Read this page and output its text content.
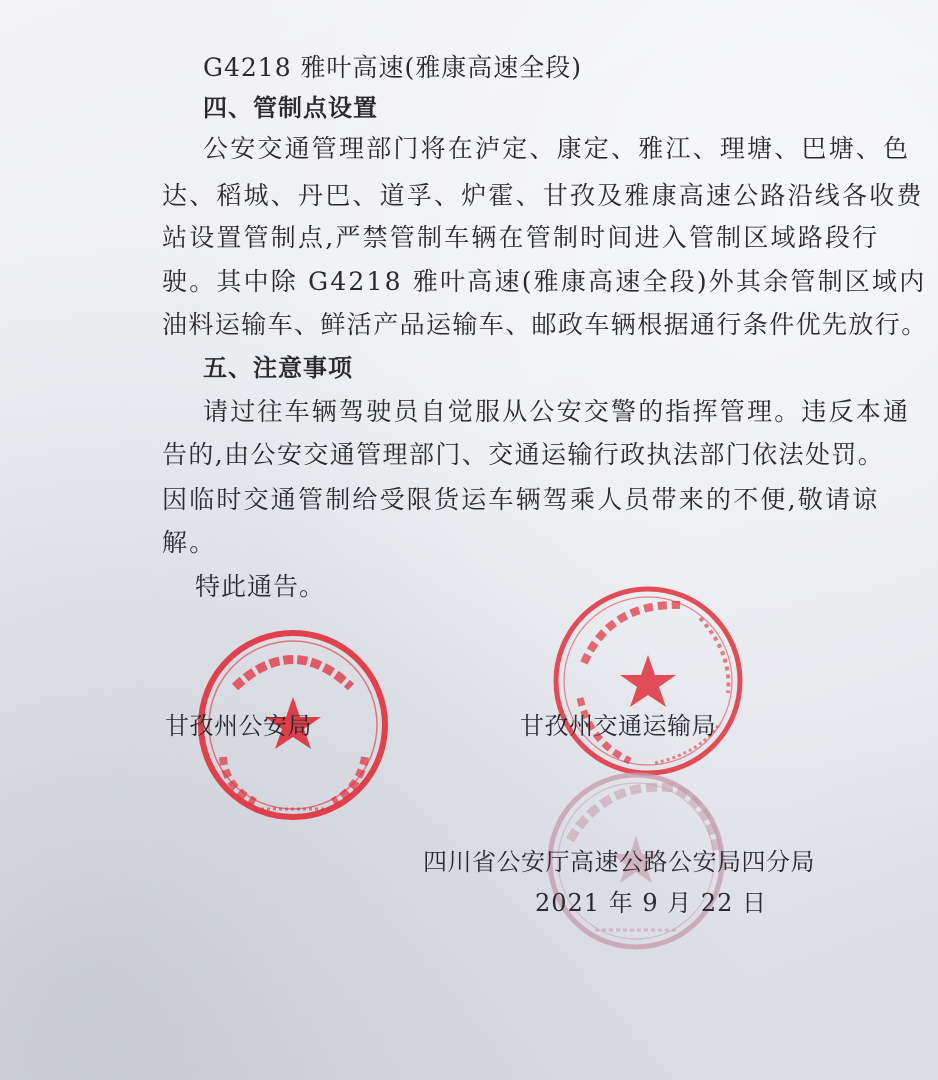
G4218 雅叶高速(雅康高速全段)
四、管制点设置
公安交通管理部门将在泸定、康定、雅江、理塘、巴塘、色
达、稻城、丹巴、道孚、炉霍、甘孜及雅康高速公路沿线各收费
站设置管制点,严禁管制车辆在管制时间进入管制区域路段行
驶。其中除 G4218 雅叶高速(雅康高速全段)外其余管制区域内
油料运输车、鲜活产品运输车、邮政车辆根据通行条件优先放行。
五、注意事项
请过往车辆驾驶员自觉服从公安交警的指挥管理。违反本通
告的,由公安交通管理部门、交通运输行政执法部门依法处罚。
因临时交通管制给受限货运车辆驾乘人员带来的不便,敬请谅
解。
特此通告。
甘孜州公安局	甘孜州交通运输局
四川省公安厅高速公路公安局四分局
2021 年 9 月 22 日
